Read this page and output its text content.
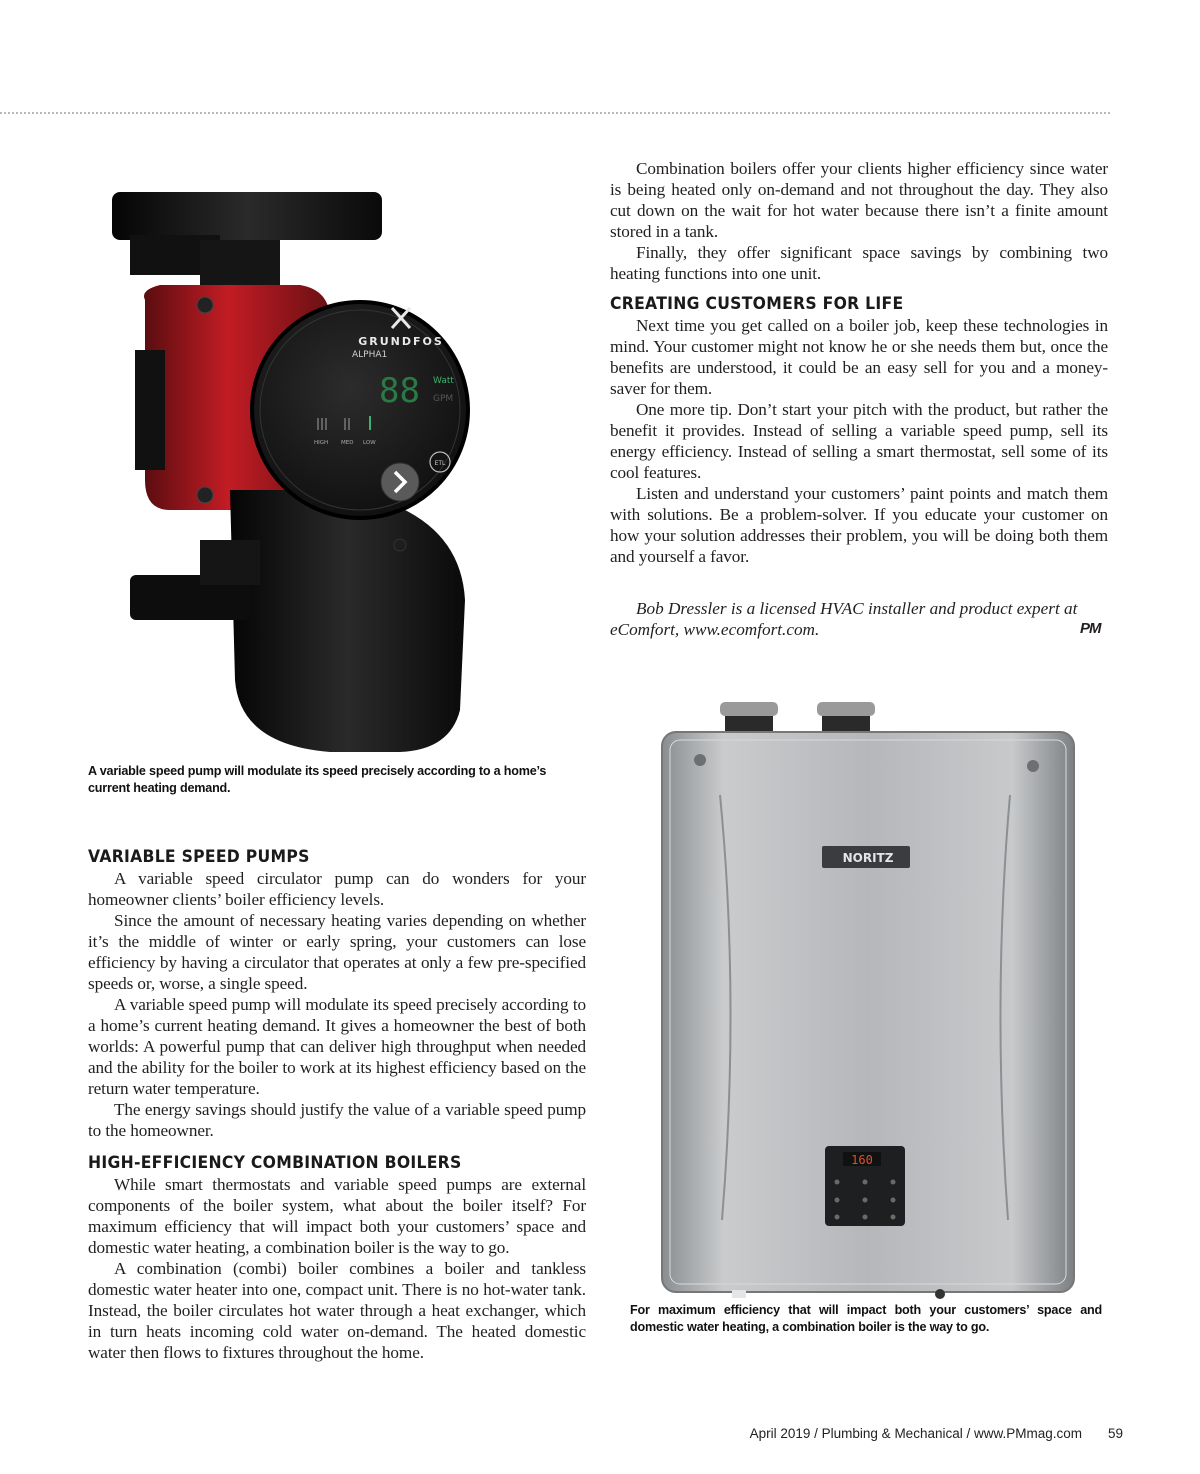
GRUNDFOS
ALPHA1
88 Watt
GPM
HIGH MED LOW
ETL
A variable speed pump will modulate its speed precisely according to a home’s current heating demand.

Combination boilers offer your clients higher efficiency since water is being heated only on-demand and not throughout the day. They also cut down on the wait for hot water because there isn’t a finite amount stored in a tank.

Finally, they offer significant space savings by combining two heating functions into one unit.

CREATING CUSTOMERS FOR LIFE

Next time you get called on a boiler job, keep these technologies in mind. Your customer might not know he or she needs them but, once the benefits are understood, it could be an easy sell for you and a money-saver for them.

One more tip. Don’t start your pitch with the product, but rather the benefit it provides. Instead of selling a variable speed pump, sell its energy efficiency. Instead of selling a smart thermostat, sell some of its cool features.

Listen and understand your customers’ paint points and match them with solutions. Be a problem-solver. If you educate your customer on how your solution addresses their problem, you will be doing both them and yourself a favor.

Bob Dressler is a licensed HVAC installer and product expert at eComfort, www.ecomfort.com.	PM
NORITZ
160
For maximum efficiency that will impact both your customers’ space and domestic water heating, a combination boiler is the way to go.
VARIABLE SPEED PUMPS

A variable speed circulator pump can do wonders for your homeowner clients’ boiler efficiency levels.

Since the amount of necessary heating varies depending on whether it’s the middle of winter or early spring, your customers can lose efficiency by having a circulator that operates at only a few pre-specified speeds or, worse, a single speed.

A variable speed pump will modulate its speed precisely according to a home’s current heating demand. It gives a homeowner the best of both worlds: A powerful pump that can deliver high throughput when needed and the ability for the boiler to work at its highest efficiency based on the return water temperature.

The energy savings should justify the value of a variable speed pump to the homeowner.

HIGH-EFFICIENCY COMBINATION BOILERS

While smart thermostats and variable speed pumps are external components of the boiler system, what about the boiler itself? For maximum efficiency that will impact both your customers’ space and domestic water heating, a combination boiler is the way to go.

A combination (combi) boiler combines a boiler and tankless domestic water heater into one, compact unit. There is no hot-water tank. Instead, the boiler circulates hot water through a heat exchanger, which in turn heats incoming cold water on-demand. The heated domestic water then flows to fixtures throughout the home.

April 2019 / Plumbing & Mechanical / www.PMmag.com 59
